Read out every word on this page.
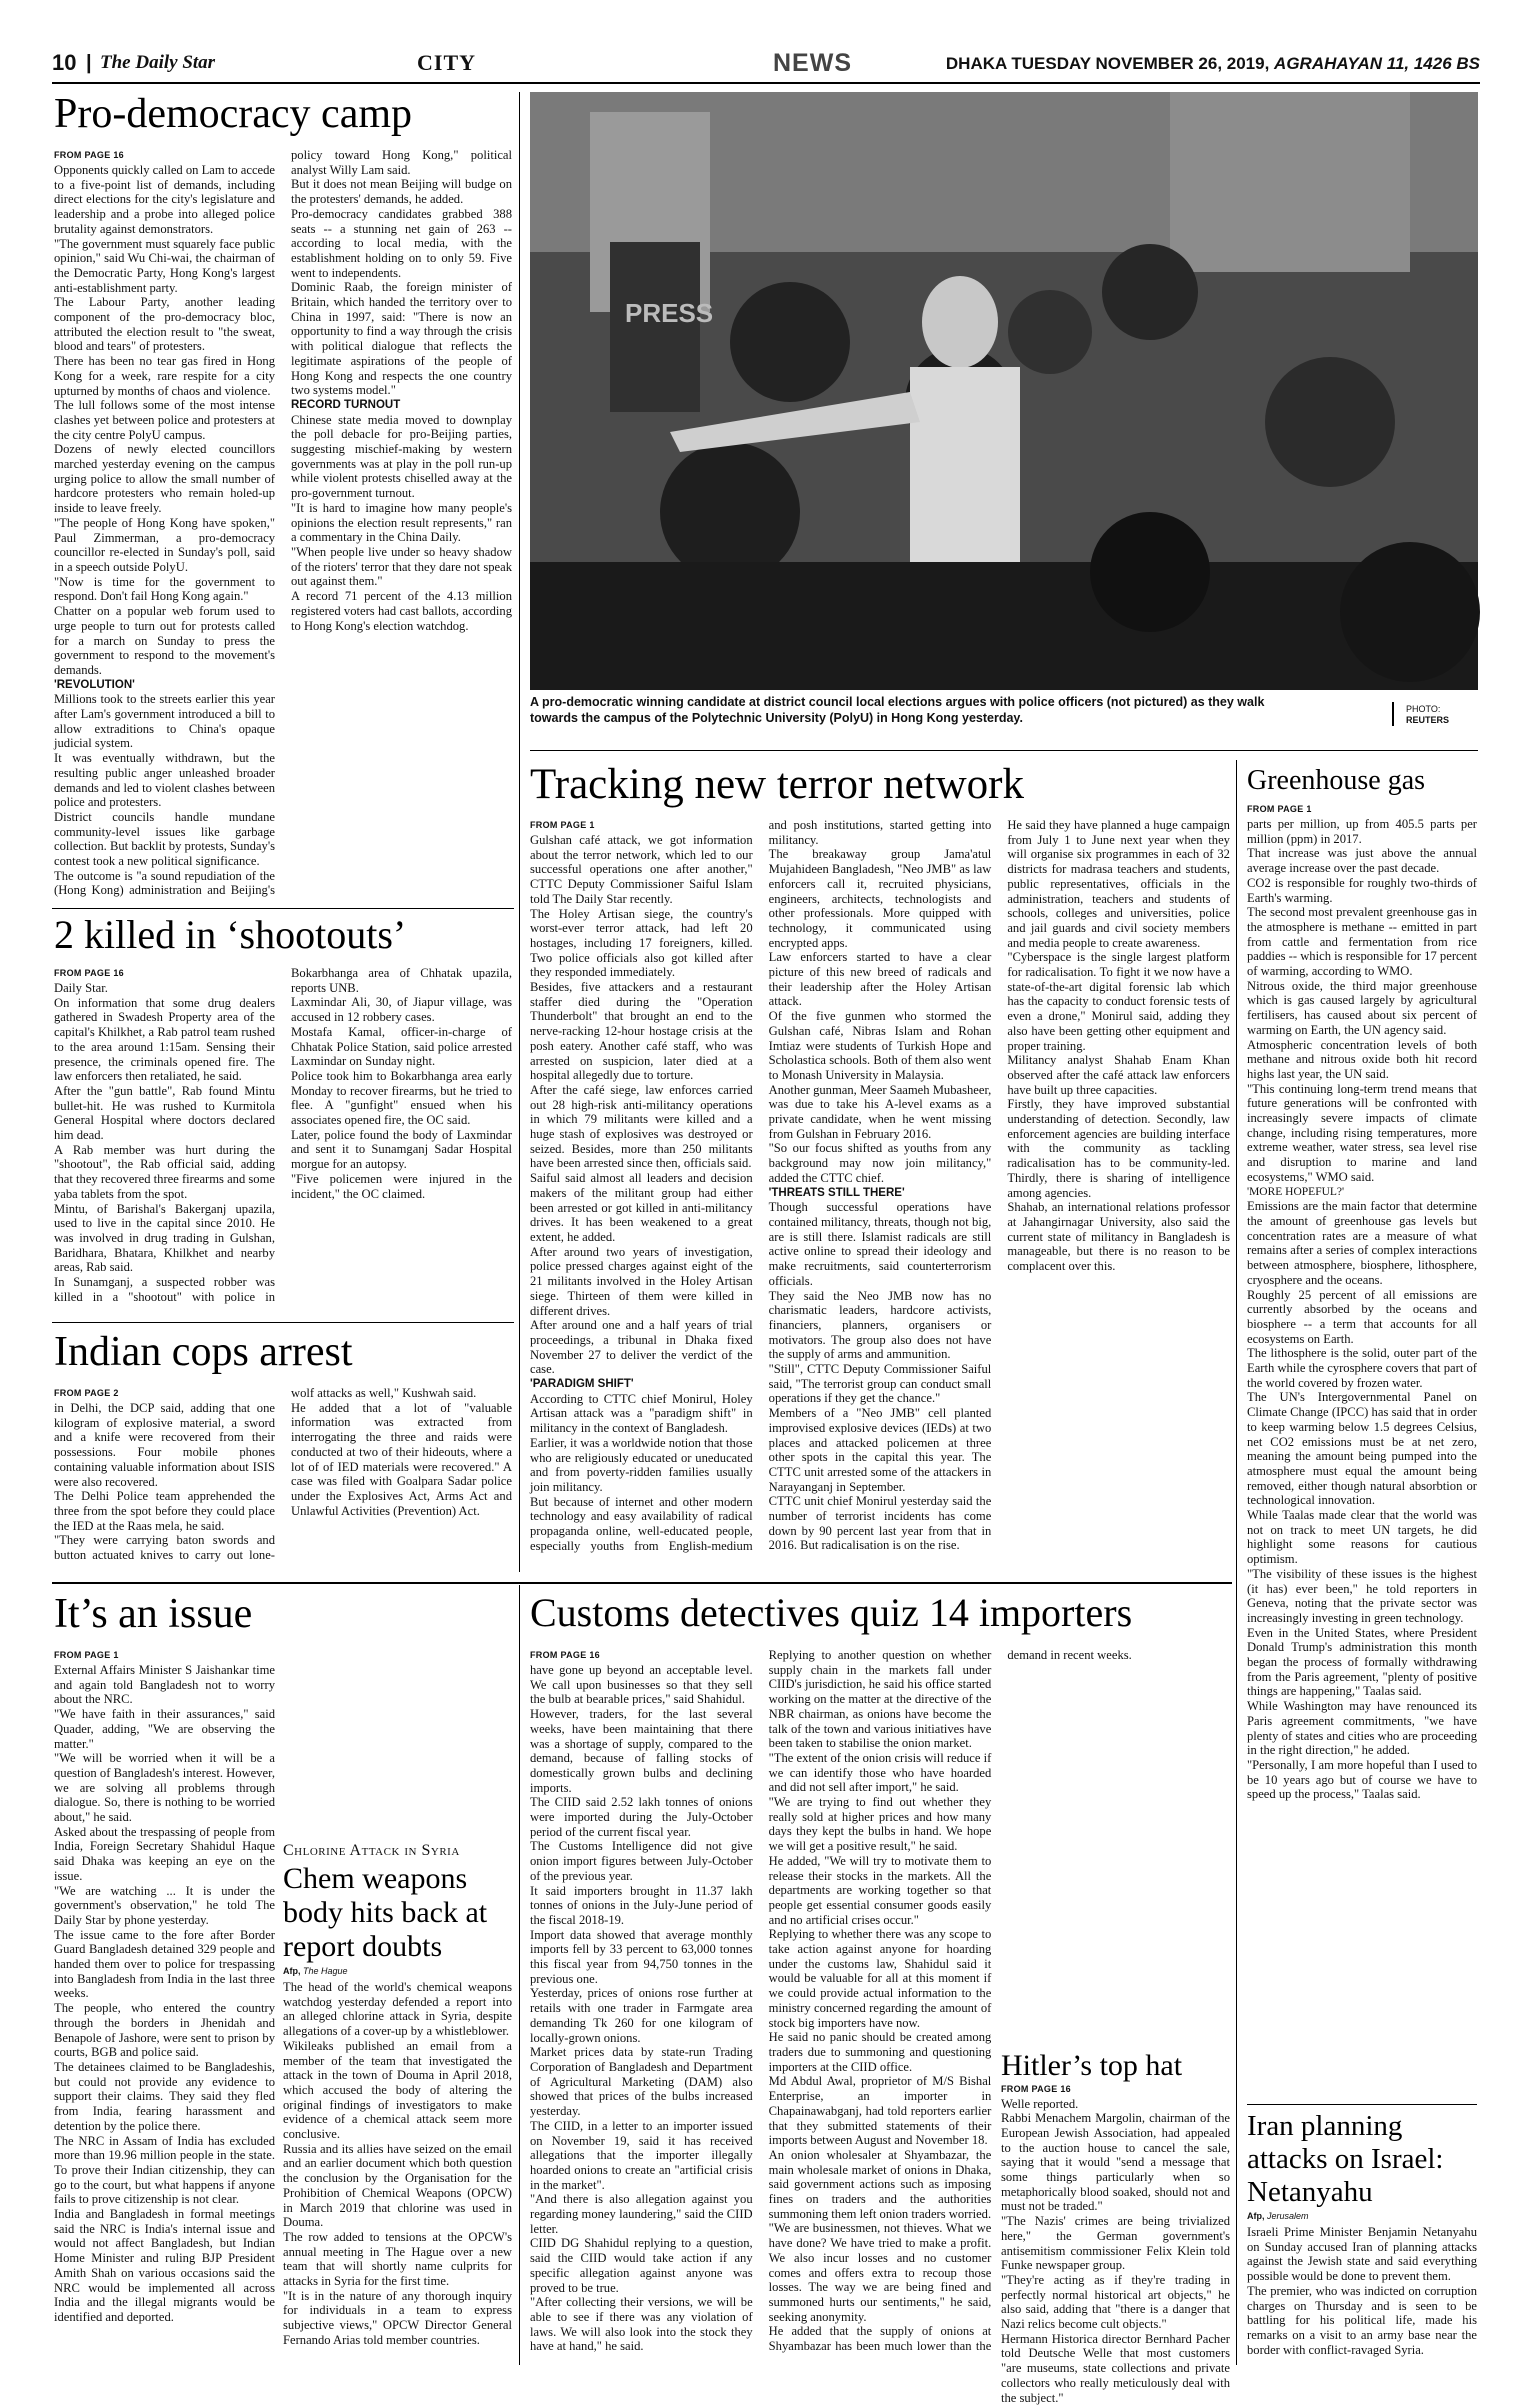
10 | The Daily Star	CITY	NEWS	DHAKA TUESDAY NOVEMBER 26, 2019, AGRAHAYAN 11, 1426 BS
Pro-democracy camp
FROM PAGE 16

Opponents quickly called on Lam to accede to a five-point list of demands, including direct elections for the city's legislature and leadership and a probe into alleged police brutality against demonstrators.

"The government must squarely face public opinion," said Wu Chi-wai, the chairman of the Democratic Party, Hong Kong's largest anti-establishment party.

The Labour Party, another leading component of the pro-democracy bloc, attributed the election result to "the sweat, blood and tears" of protesters.

There has been no tear gas fired in Hong Kong for a week, rare respite for a city upturned by months of chaos and violence.

The lull follows some of the most intense clashes yet between police and protesters at the city centre PolyU campus.

Dozens of newly elected councillors marched yesterday evening on the campus urging police to allow the small number of hardcore protesters who remain holed-up inside to leave freely.

"The people of Hong Kong have spoken," Paul Zimmerman, a pro-democracy councillor re-elected in Sunday's poll, said in a speech outside PolyU.

"Now is time for the government to respond. Don't fail Hong Kong again."

Chatter on a popular web forum used to urge people to turn out for protests called for a march on Sunday to press the government to respond to the movement's demands.

'REVOLUTION'

Millions took to the streets earlier this year after Lam's government introduced a bill to allow extraditions to China's opaque judicial system.

It was eventually withdrawn, but the resulting public anger unleashed broader demands and led to violent clashes between police and protesters.

District councils handle mundane community-level issues like garbage collection. But backlit by protests, Sunday's contest took a new political significance.

The outcome is "a sound repudiation of the (Hong Kong) administration and Beijing's policy toward Hong Kong," political analyst Willy Lam said.

But it does not mean Beijing will budge on the protesters' demands, he added.

Pro-democracy candidates grabbed 388 seats -- a stunning net gain of 263 -- according to local media, with the establishment holding on to only 59. Five went to independents.

Dominic Raab, the foreign minister of Britain, which handed the territory over to China in 1997, said: "There is now an opportunity to find a way through the crisis with political dialogue that reflects the legitimate aspirations of the people of Hong Kong and respects the one country two systems model."

RECORD TURNOUT

Chinese state media moved to downplay the poll debacle for pro-Beijing parties, suggesting mischief-making by western governments was at play in the poll run-up while violent protests chiselled away at the pro-government turnout.

"It is hard to imagine how many people's opinions the election result represents," ran a commentary in the China Daily.

"When people live under so heavy shadow of the rioters' terror that they dare not speak out against them."

A record 71 percent of the 4.13 million registered voters had cast ballots, according to Hong Kong's election watchdog.

PRESS
A pro-democratic winning candidate at district council local elections argues with police officers (not pictured) as they walk towards the campus of the Polytechnic University (PolyU) in Hong Kong yesterday.
PHOTO:
REUTERS
2 killed in ‘shootouts’
FROM PAGE 16

Daily Star.

On information that some drug dealers gathered in Swadesh Property area of the capital's Khilkhet, a Rab patrol team rushed to the area around 1:15am. Sensing their presence, the criminals opened fire. The law enforcers then retaliated, he said.

After the "gun battle", Rab found Mintu bullet-hit. He was rushed to Kurmitola General Hospital where doctors declared him dead.

A Rab member was hurt during the "shootout", the Rab official said, adding that they recovered three firearms and some yaba tablets from the spot.

Mintu, of Barishal's Bakerganj upazila, used to live in the capital since 2010. He was involved in drug trading in Gulshan, Baridhara, Bhatara, Khilkhet and nearby areas, Rab said.

In Sunamganj, a suspected robber was killed in a "shootout" with police in Bokarbhanga area of Chhatak upazila, reports UNB.

Laxmindar Ali, 30, of Jiapur village, was accused in 12 robbery cases.

Mostafa Kamal, officer-in-charge of Chhatak Police Station, said police arrested Laxmindar on Sunday night.

Police took him to Bokarbhanga area early Monday to recover firearms, but he tried to flee. A "gunfight" ensued when his associates opened fire, the OC said.

Later, police found the body of Laxmindar and sent it to Sunamganj Sadar Hospital morgue for an autopsy.

"Five policemen were injured in the incident," the OC claimed.

Indian cops arrest
FROM PAGE 2

in Delhi, the DCP said, adding that one kilogram of explosive material, a sword and a knife were recovered from their possessions. Four mobile phones containing valuable information about ISIS were also recovered.

The Delhi Police team apprehended the three from the spot before they could place the IED at the Raas mela, he said.

"They were carrying baton swords and button actuated knives to carry out lone-wolf attacks as well," Kushwah said.

He added that a lot of "valuable information was extracted from interrogating the three and raids were conducted at two of their hideouts, where a lot of of IED materials were recovered." A case was filed with Goalpara Sadar police under the Explosives Act, Arms Act and Unlawful Activities (Prevention) Act.

Tracking new terror network
FROM PAGE 1

Gulshan café attack, we got information about the terror network, which led to our successful operations one after another," CTTC Deputy Commissioner Saiful Islam told The Daily Star recently.

The Holey Artisan siege, the country's worst-ever terror attack, had left 20 hostages, including 17 foreigners, killed. Two police officials also got killed after they responded immediately.

Besides, five attackers and a restaurant staffer died during the "Operation Thunderbolt" that brought an end to the nerve-racking 12-hour hostage crisis at the posh eatery. Another café staff, who was arrested on suspicion, later died at a hospital allegedly due to torture.

After the café siege, law enforces carried out 28 high-risk anti-militancy operations in which 79 militants were killed and a huge stash of explosives was destroyed or seized. Besides, more than 250 militants have been arrested since then, officials said.

Saiful said almost all leaders and decision makers of the militant group had either been arrested or got killed in anti-militancy drives. It has been weakened to a great extent, he added.

After around two years of investigation, police pressed charges against eight of the 21 militants involved in the Holey Artisan siege. Thirteen of them were killed in different drives.

After around one and a half years of trial proceedings, a tribunal in Dhaka fixed November 27 to deliver the verdict of the case.

'PARADIGM SHIFT'

According to CTTC chief Monirul, Holey Artisan attack was a "paradigm shift" in militancy in the context of Bangladesh.

Earlier, it was a worldwide notion that those who are religiously educated or uneducated and from poverty-ridden families usually join militancy.

But because of internet and other modern technology and easy availability of radical propaganda online, well-educated people, especially youths from English-medium and posh institutions, started getting into militancy.

The breakaway group Jama'atul Mujahideen Bangladesh, "Neo JMB" as law enforcers call it, recruited physicians, engineers, architects, technologists and other professionals. More quipped with technology, it communicated using encrypted apps.

Law enforcers started to have a clear picture of this new breed of radicals and their leadership after the Holey Artisan attack.

Of the five gunmen who stormed the Gulshan café, Nibras Islam and Rohan Imtiaz were students of Turkish Hope and Scholastica schools. Both of them also went to Monash University in Malaysia.

Another gunman, Meer Saameh Mubasheer, was due to take his A-level exams as a private candidate, when he went missing from Gulshan in February 2016.

"So our focus shifted as youths from any background may now join militancy," added the CTTC chief.

'THREATS STILL THERE'

Though successful operations have contained militancy, threats, though not big, are is still there. Islamist radicals are still active online to spread their ideology and make recruitments, said counterterrorism officials.

They said the Neo JMB now has no charismatic leaders, hardcore activists, financiers, planners, organisers or motivators. The group also does not have the supply of arms and ammunition.

"Still", CTTC Deputy Commissioner Saiful said, "The terrorist group can conduct small operations if they get the chance."

Members of a "Neo JMB" cell planted improvised explosive devices (IEDs) at two places and attacked policemen at three other spots in the capital this year. The CTTC unit arrested some of the attackers in Narayanganj in September.

CTTC unit chief Monirul yesterday said the number of terrorist incidents has come down by 90 percent last year from that in 2016. But radicalisation is on the rise.

He said they have planned a huge campaign from July 1 to June next year when they will organise six programmes in each of 32 districts for madrasa teachers and students, public representatives, officials in the administration, teachers and students of schools, colleges and universities, police and jail guards and civil society members and media people to create awareness.

"Cyberspace is the single largest platform for radicalisation. To fight it we now have a state-of-the-art digital forensic lab which has the capacity to conduct forensic tests of even a drone," Monirul said, adding they also have been getting other equipment and proper training.

Militancy analyst Shahab Enam Khan observed after the café attack law enforcers have built up three capacities.

Firstly, they have improved substantial understanding of detection. Secondly, law enforcement agencies are building interface with the community as tackling radicalisation has to be community-led. Thirdly, there is sharing of intelligence among agencies.

Shahab, an international relations professor at Jahangirnagar University, also said the current state of militancy in Bangladesh is manageable, but there is no reason to be complacent over this.

Greenhouse gas
FROM PAGE 1

parts per million, up from 405.5 parts per million (ppm) in 2017.

That increase was just above the annual average increase over the past decade.

CO2 is responsible for roughly two-thirds of Earth's warming.

The second most prevalent greenhouse gas in the atmosphere is methane -- emitted in part from cattle and fermentation from rice paddies -- which is responsible for 17 percent of warming, according to WMO.

Nitrous oxide, the third major greenhouse which is gas caused largely by agricultural fertilisers, has caused about six percent of warming on Earth, the UN agency said.

Atmospheric concentration levels of both methane and nitrous oxide both hit record highs last year, the UN said.

"This continuing long-term trend means that future generations will be confronted with increasingly severe impacts of climate change, including rising temperatures, more extreme weather, water stress, sea level rise and disruption to marine and land ecosystems," WMO said.

'MORE HOPEFUL?'

Emissions are the main factor that determine the amount of greenhouse gas levels but concentration rates are a measure of what remains after a series of complex interactions between atmosphere, biosphere, lithosphere, cryosphere and the oceans.

Roughly 25 percent of all emissions are currently absorbed by the oceans and biosphere -- a term that accounts for all ecosystems on Earth.

The lithosphere is the solid, outer part of the Earth while the cyrosphere covers that part of the world covered by frozen water.

The UN's Intergovernmental Panel on Climate Change (IPCC) has said that in order to keep warming below 1.5 degrees Celsius, net CO2 emissions must be at net zero, meaning the amount being pumped into the atmosphere must equal the amount being removed, either though natural absorbtion or technological innovation.

While Taalas made clear that the world was not on track to meet UN targets, he did highlight some reasons for cautious optimism.

"The visibility of these issues is the highest (it has) ever been," he told reporters in Geneva, noting that the private sector was increasingly investing in green technology.

Even in the United States, where President Donald Trump's administration this month began the process of formally withdrawing from the Paris agreement, "plenty of positive things are happening," Taalas said.

While Washington may have renounced its Paris agreement commitments, "we have plenty of states and cities who are proceeding in the right direction," he added.

"Personally, I am more hopeful than I used to be 10 years ago but of course we have to speed up the process," Taalas said.

It’s an issue
FROM PAGE 1

External Affairs Minister S Jaishankar time and again told Bangladesh not to worry about the NRC.

"We have faith in their assurances," said Quader, adding, "We are observing the matter."

"We will be worried when it will be a question of Bangladesh's interest. However, we are solving all problems through dialogue. So, there is nothing to be worried about," he said.

Asked about the trespassing of people from India, Foreign Secretary Shahidul Haque said Dhaka was keeping an eye on the issue.

"We are watching ... It is under the government's observation," he told The Daily Star by phone yesterday.

The issue came to the fore after Border Guard Bangladesh detained 329 people and handed them over to police for trespassing into Bangladesh from India in the last three weeks.

The people, who entered the country through the borders in Jhenidah and Benapole of Jashore, were sent to prison by courts, BGB and police said.

The detainees claimed to be Bangladeshis, but could not provide any evidence to support their claims. They said they fled from India, fearing harassment and detention by the police there.

The NRC in Assam of India has excluded more than 19.96 million people in the state. To prove their Indian citizenship, they can go to the court, but what happens if anyone fails to prove citizenship is not clear.

India and Bangladesh in formal meetings said the NRC is India's internal issue and would not affect Bangladesh, but Indian Home Minister and ruling BJP President Amith Shah on various occasions said the NRC would be implemented all across India and the illegal migrants would be identified and deported.

Chlorine Attack in Syria
Chem weapons body hits back at report doubts
Afp, The Hague

The head of the world's chemical weapons watchdog yesterday defended a report into an alleged chlorine attack in Syria, despite allegations of a cover-up by a whistleblower.

Wikileaks published an email from a member of the team that investigated the attack in the town of Douma in April 2018, which accused the body of altering the original findings of investigators to make evidence of a chemical attack seem more conclusive.

Russia and its allies have seized on the email and an earlier document which both question the conclusion by the Organisation for the Prohibition of Chemical Weapons (OPCW) in March 2019 that chlorine was used in Douma.

The row added to tensions at the OPCW's annual meeting in The Hague over a new team that will shortly name culprits for attacks in Syria for the first time.

"It is in the nature of any thorough inquiry for individuals in a team to express subjective views," OPCW Director General Fernando Arias told member countries.

Customs detectives quiz 14 importers
FROM PAGE 16

have gone up beyond an acceptable level. We call upon businesses so that they sell the bulb at bearable prices," said Shahidul.

However, traders, for the last several weeks, have been maintaining that there was a shortage of supply, compared to the demand, because of falling stocks of domestically grown bulbs and declining imports.

The CIID said 2.52 lakh tonnes of onions were imported during the July-October period of the current fiscal year.

The Customs Intelligence did not give onion import figures between July-October of the previous year.

It said importers brought in 11.37 lakh tonnes of onions in the July-June period of the fiscal 2018-19.

Import data showed that average monthly imports fell by 33 percent to 63,000 tonnes this fiscal year from 94,750 tonnes in the previous one.

Yesterday, prices of onions rose further at retails with one trader in Farmgate area demanding Tk 260 for one kilogram of locally-grown onions.

Market prices data by state-run Trading Corporation of Bangladesh and Department of Agricultural Marketing (DAM) also showed that prices of the bulbs increased yesterday.

The CIID, in a letter to an importer issued on November 19, said it has received allegations that the importer illegally hoarded onions to create an "artificial crisis in the market".

"And there is also allegation against you regarding money laundering," said the CIID letter.

CIID DG Shahidul replying to a question, said the CIID would take action if any specific allegation against anyone was proved to be true.

"After collecting their versions, we will be able to see if there was any violation of laws. We will also look into the stock they have at hand," he said.

Replying to another question on whether supply chain in the markets fall under CIID's jurisdiction, he said his office started working on the matter at the directive of the NBR chairman, as onions have become the talk of the town and various initiatives have been taken to stabilise the onion market.

"The extent of the onion crisis will reduce if we can identify those who have hoarded and did not sell after import," he said.

"We are trying to find out whether they really sold at higher prices and how many days they kept the bulbs in hand. We hope we will get a positive result," he said.

He added, "We will try to motivate them to release their stocks in the markets. All the departments are working together so that people get essential consumer goods easily and no artificial crises occur."

Replying to whether there was any scope to take action against anyone for hoarding under the customs law, Shahidul said it would be valuable for all at this moment if we could provide actual information to the ministry concerned regarding the amount of stock big importers have now.

He said no panic should be created among traders due to summoning and questioning importers at the CIID office.

Md Abdul Awal, proprietor of M/S Bishal Enterprise, an importer in Chapainawabganj, had told reporters earlier that they submitted statements of their imports between August and November 18.

An onion wholesaler at Shyambazar, the main wholesale market of onions in Dhaka, said government actions such as imposing fines on traders and the authorities summoning them left onion traders worried.

"We are businessmen, not thieves. What we have done? We have tried to make a profit. We also incur losses and no customer comes and offers extra to recoup those losses. The way we are being fined and summoned hurts our sentiments," he said, seeking anonymity.

He added that the supply of onions at Shyambazar has been much lower than the demand in recent weeks.

Hitler’s top hat
FROM PAGE 16

Welle reported.

Rabbi Menachem Margolin, chairman of the European Jewish Association, had appealed to the auction house to cancel the sale, saying that it would "send a message that some things particularly when so metaphorically blood soaked, should not and must not be traded."

"The Nazis' crimes are being trivialized here," the German government's antisemitism commissioner Felix Klein told Funke newspaper group.

"They're acting as if they're trading in perfectly normal historical art objects," he also said, adding that "there is a danger that Nazi relics become cult objects."

Hermann Historica director Bernhard Pacher told Deutsche Welle that most customers "are museums, state collections and private collectors who really meticulously deal with the subject."

Iran planning attacks on Israel: Netanyahu
Afp, Jerusalem

Israeli Prime Minister Benjamin Netanyahu on Sunday accused Iran of planning attacks against the Jewish state and said everything possible would be done to prevent them.

The premier, who was indicted on corruption charges on Thursday and is seen to be battling for his political life, made his remarks on a visit to an army base near the border with conflict-ravaged Syria.
